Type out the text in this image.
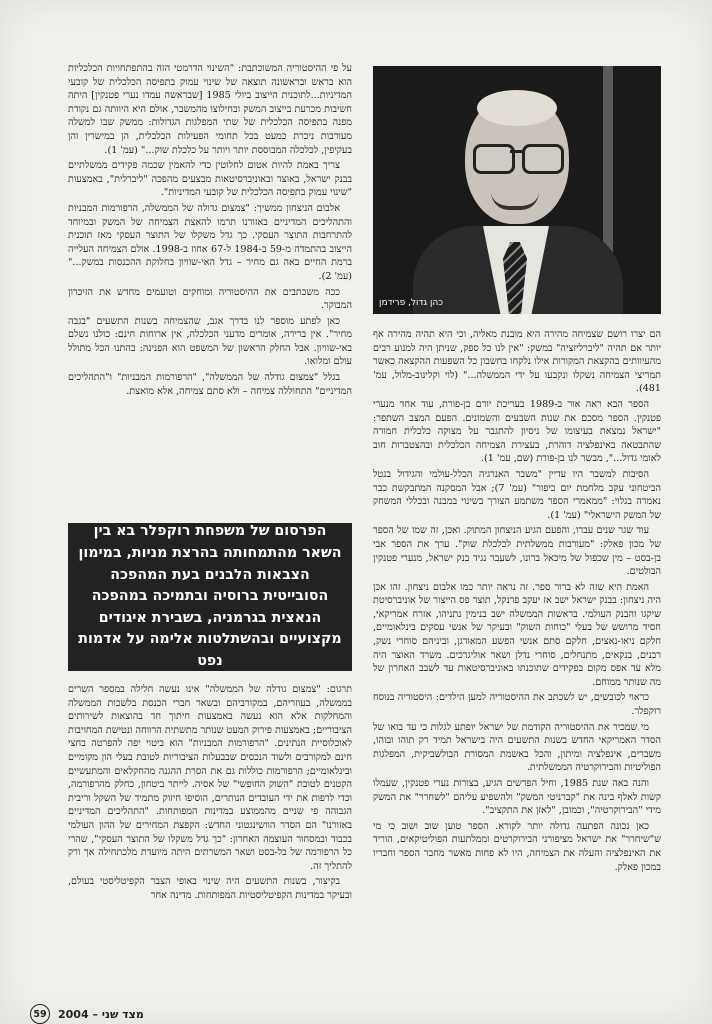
על פי ההיסטוריה המשוכתבת: "השינוי הדרמטי הזה בהתפתחויות הכלכליות הוא בראש ובראשונה תוצאה של שינוי עמוק בתפיסה הכלכלית של קובעי המדיניות...לתוכנית הייצוב ביולי 1985 [שבראשה עמדו נערי פטנקין] היתה חשיבות מכרעת בייצוב המשק ובחילוצו מהמשבר, אולם היא היוותה גם נקודת מפנה בתפיסה הכלכלית של שתי המפלגות הגדולות: ממשק שבו למשלה מעורבות ניכרת כמעט בכל תחומי הפעילות הכלכלית, הן במישרין והן בעקיפין, לכלכלה המבוססת יותר ויותר על כלכלת שוק..." (עמ' 1).

צריך באמת להיות אטום לחלוטין כדי להאמין שכמה פקידים ממשלתיים בבנק ישראל, באוצר ובאוניברסיטאות מבצעים מהפכה "ליברלית", באמצעות "שינוי עמוק בתפיסה הכלכלית של קובעי המדיניות".

אלבום הניצחון ממשיך: "צמצום גדולה של הממשלה, הרפורמות המבניות והתהליכים המדיניים באזורנו תרמו להאצת הצמיחה של המשק ובמיוחד להתרחבות התוצר העסקי. כך גדל משקלו של התוצר העסקי מאז תוכנית הייצוב בהתמדה מ-59 ב-1984 ל-67 אחוז ב-1998. אולם הצמיחה העלייה ברמת החיים באה גם מחיר – גדל האי-שוויון בחלוקת ההכנסות במשק..." (עמ' 2).

ככה משכתבים את ההיסטוריה ומוחקים וטועמים מחדש את הזיכרון המבוקר.

כאן לפתע מוספר לנו בדרך אגב, שהצמיחה בשנות התשעים "בגבה מחיר". אין ברירה, אומרים מדעני הכלכלה, אין ארוחות חינם: כולנו נשלם באי-שוויון. אבל החלק הראשון של המשפט הוא הפנינה: בהתנו הכל מתולל עולם ומלואו.

בגלל "צמצום גודלה של הממשלה", "הרפורמות המבניות" ו"התהליכים המדיניים" התחוללה צמיחה – ולא סתם צמיחה, אלא מואצת.

הפרסום של משפחת רוקפלר בא בין השאר מהתמחותה בהרצת מניות, במימון הצבאות הלבנים בעת המהפכה הסובייטית ברוסיה ובתמיכה במהפכה הנאצית בגרמניה, בשבירת איגודים מקצועיים ובהשתלטות אלימה על אדמות נפט

תרגום: "צמצום גודלה של הממשלה" אינו נעשה חלילה במספר השרים בממשלה, בעוזריהם, במקורביהם ובשאר חברי הכנסת בלשכות הממשלה והמחלקות אלא הוא נעשה באמצעות חיתוך חד בהוצאות לשירותים הציבוריים; באמצעות פירוק המעט שנותר מתשתית הרווחה ונטישת המחויבות לאוכלוסיית הנתינים. "הרפורמות המבניות" הוא ביטוי יפה להפרטה בחצי חינם למקורבים ולשוד הנכסים שבבעלות הציבוריות לטובת בעלי הון מקומיים ובינלאומיים; הרפורמות כוללות גם את הסרת ההגנה מהחקלאים והמתעשיים הקטנים לטובת "השוק החופשי" של אסיה. לייתר ביטחון, כחלק מהרפורמה, וכדי לרפות את ידי העובדים הנותרים, הוסיפו חיזוק מתמיד של השקל וריבית הגבוהה פי שניים מהממוצע במדינות המפותחות. "התהליכים המדיניים באזורנו" הם הסדר הוושינגטוני החדש: הקפצת המחירים של ההון העולמי בכבוד ובמסחור העוצמה האחרון: "כך גדל משקלו של התוצר העסקי", שהרי כל הרפורמה של בל-בסט ושאר המשרתים היתה מיועדת מלכתחילה אך ורק להתליך זה.

בקיצור, בשנות התשעים היה שינוי באופי הצבר הקפיטליסטי בעולם, ובעיקר במדינות הקפיטליסטיות המפותחות. מדינה אחר

כהן גדול, פרידמן

הם יצרו רושם שצמיחה מהירה היא מובנת מאליה, וכי היא תהיה מהירה אף יותר אם תהיה "ליברליזציה" במשק: "אין לנו כל ספק, שניתן היה למנוע רבים מהעיוותים בהקצאת המקורות אילו נלקחו בחשבון כל השפעות ההקצאה כאשר תמריצי הצמיחה נשקלו ונקבעו על ידי הממשלה..." (לוי וקלינוב-מלול, עמ' 481).

הספר הבא ראה אור ב-1989 בעריכת יורם בן-פורת, עוד אחד מנערי פטנקין. הספר מסכם את שנות השבעים והשמונים. הפעם המצב השתפר: "ישראל נמצאת בעיצומו של ניסיון להתגבר על מצוקה כלכלית חמורה שהתבטאה באינפלציה דוהרת, בעצירת הצמיחה הכלכלית ובהצטברות חוב לאומי גדול...", מבשר לנו בן-פורת (שם, עמ' 1).

הסיבות למשבר היו עדיין "משבר האנרגיה הכלל-עולמי והגידול בנטל הביטחוני עקב מלחמת יום כיפור" (עמ' 7); אבל המסקנה המתבקשת כבר נאמרה בגלוי: "ממאמרי הספר משתמע הצורך בשינוי במבנה ובכללי המשחק של המשק הישראלי" (עמ' 1).

עוד שגר שנים עברו, והפעם הגיע הניצחון המתוק. ואכן, זה שמו של הספר של מכון פאלק: "מעורבות ממשלתית לכלכלת שוק". ערך את הספר אבי בן-בסט – מין שכפול של מיכאל ברונו, לשעבר נגיד בנק ישראל, מנערי פטנקין הבולטים.

האמת היא שזה לא ברור ספר. זה נראה יותר כמו אלבום ניצחון. זהו אכן היה ניצחון: בבנק ישראל ישב אז יעקב פרנקל, תוצר פס הייצור של אוניברסיטת שיקגו והבנק העולמי. בראשות הממשלה ישב בנימין נתניהו, אזרח אמריקאי, חסיד מרושש של בעלי "כוחות השוק" ובעיקר של אנשי עסקים בינלאומיים, חלקם ניאו-נאצים, חלקם סתם אנשי הפשע המאורגן, וביניהם סוחרי נשק, רבנים, בנקאים, מתנחלים, סוחרי נדלן ושאר אוליגרכים. משרד האוצר היה מלא עד אפס מקום בפקידים שתוכנתו באוניברסיטאות עד לשבב האחרון של מה שנותר ממוחם.

כראוי לכובשים, יש לשכתב את ההיסטוריה למען הילדים: היסטוריה בנוסח רוקפלר.

מי שמכיר את ההיסטוריה הקודמת של ישראל יופתע לגלות כי עד בואו של הסדר האמריקאי החדש בשנות התשעים היה בישראל תמיד רק תוהו ובוהו, משברים, אינפלציה ומיתון, והכל באשמת המסורת הבולשביקית, המפלגות הפוליטיות והבירוקרטיה הממשלתית.

והנה באה שנת 1985, וחיל הפרשים הגיע, בצורות נערי פטנקין, שעמלו קשות לאלף בינה את "קברניטי המשק" ולהשפיע עליהם "לשחרר" את המשק מידי "הבירוקרטיה", וכמובן, "לאזן את התקציב".

כאן נכונה הפתעה גדולה יותר לקורא. הספר טוען שוב ושוב כי מי ש"שיחרר" את ישראל מציפורני הבירוקרטים וממלתעות הפוליטיקאים, הוריד את האינפלציה והעלה את הצמיחה, היו לא פחות מאשר מחבר הספר וחבריו במכון פאלק.

59	מצד שני – 2004
